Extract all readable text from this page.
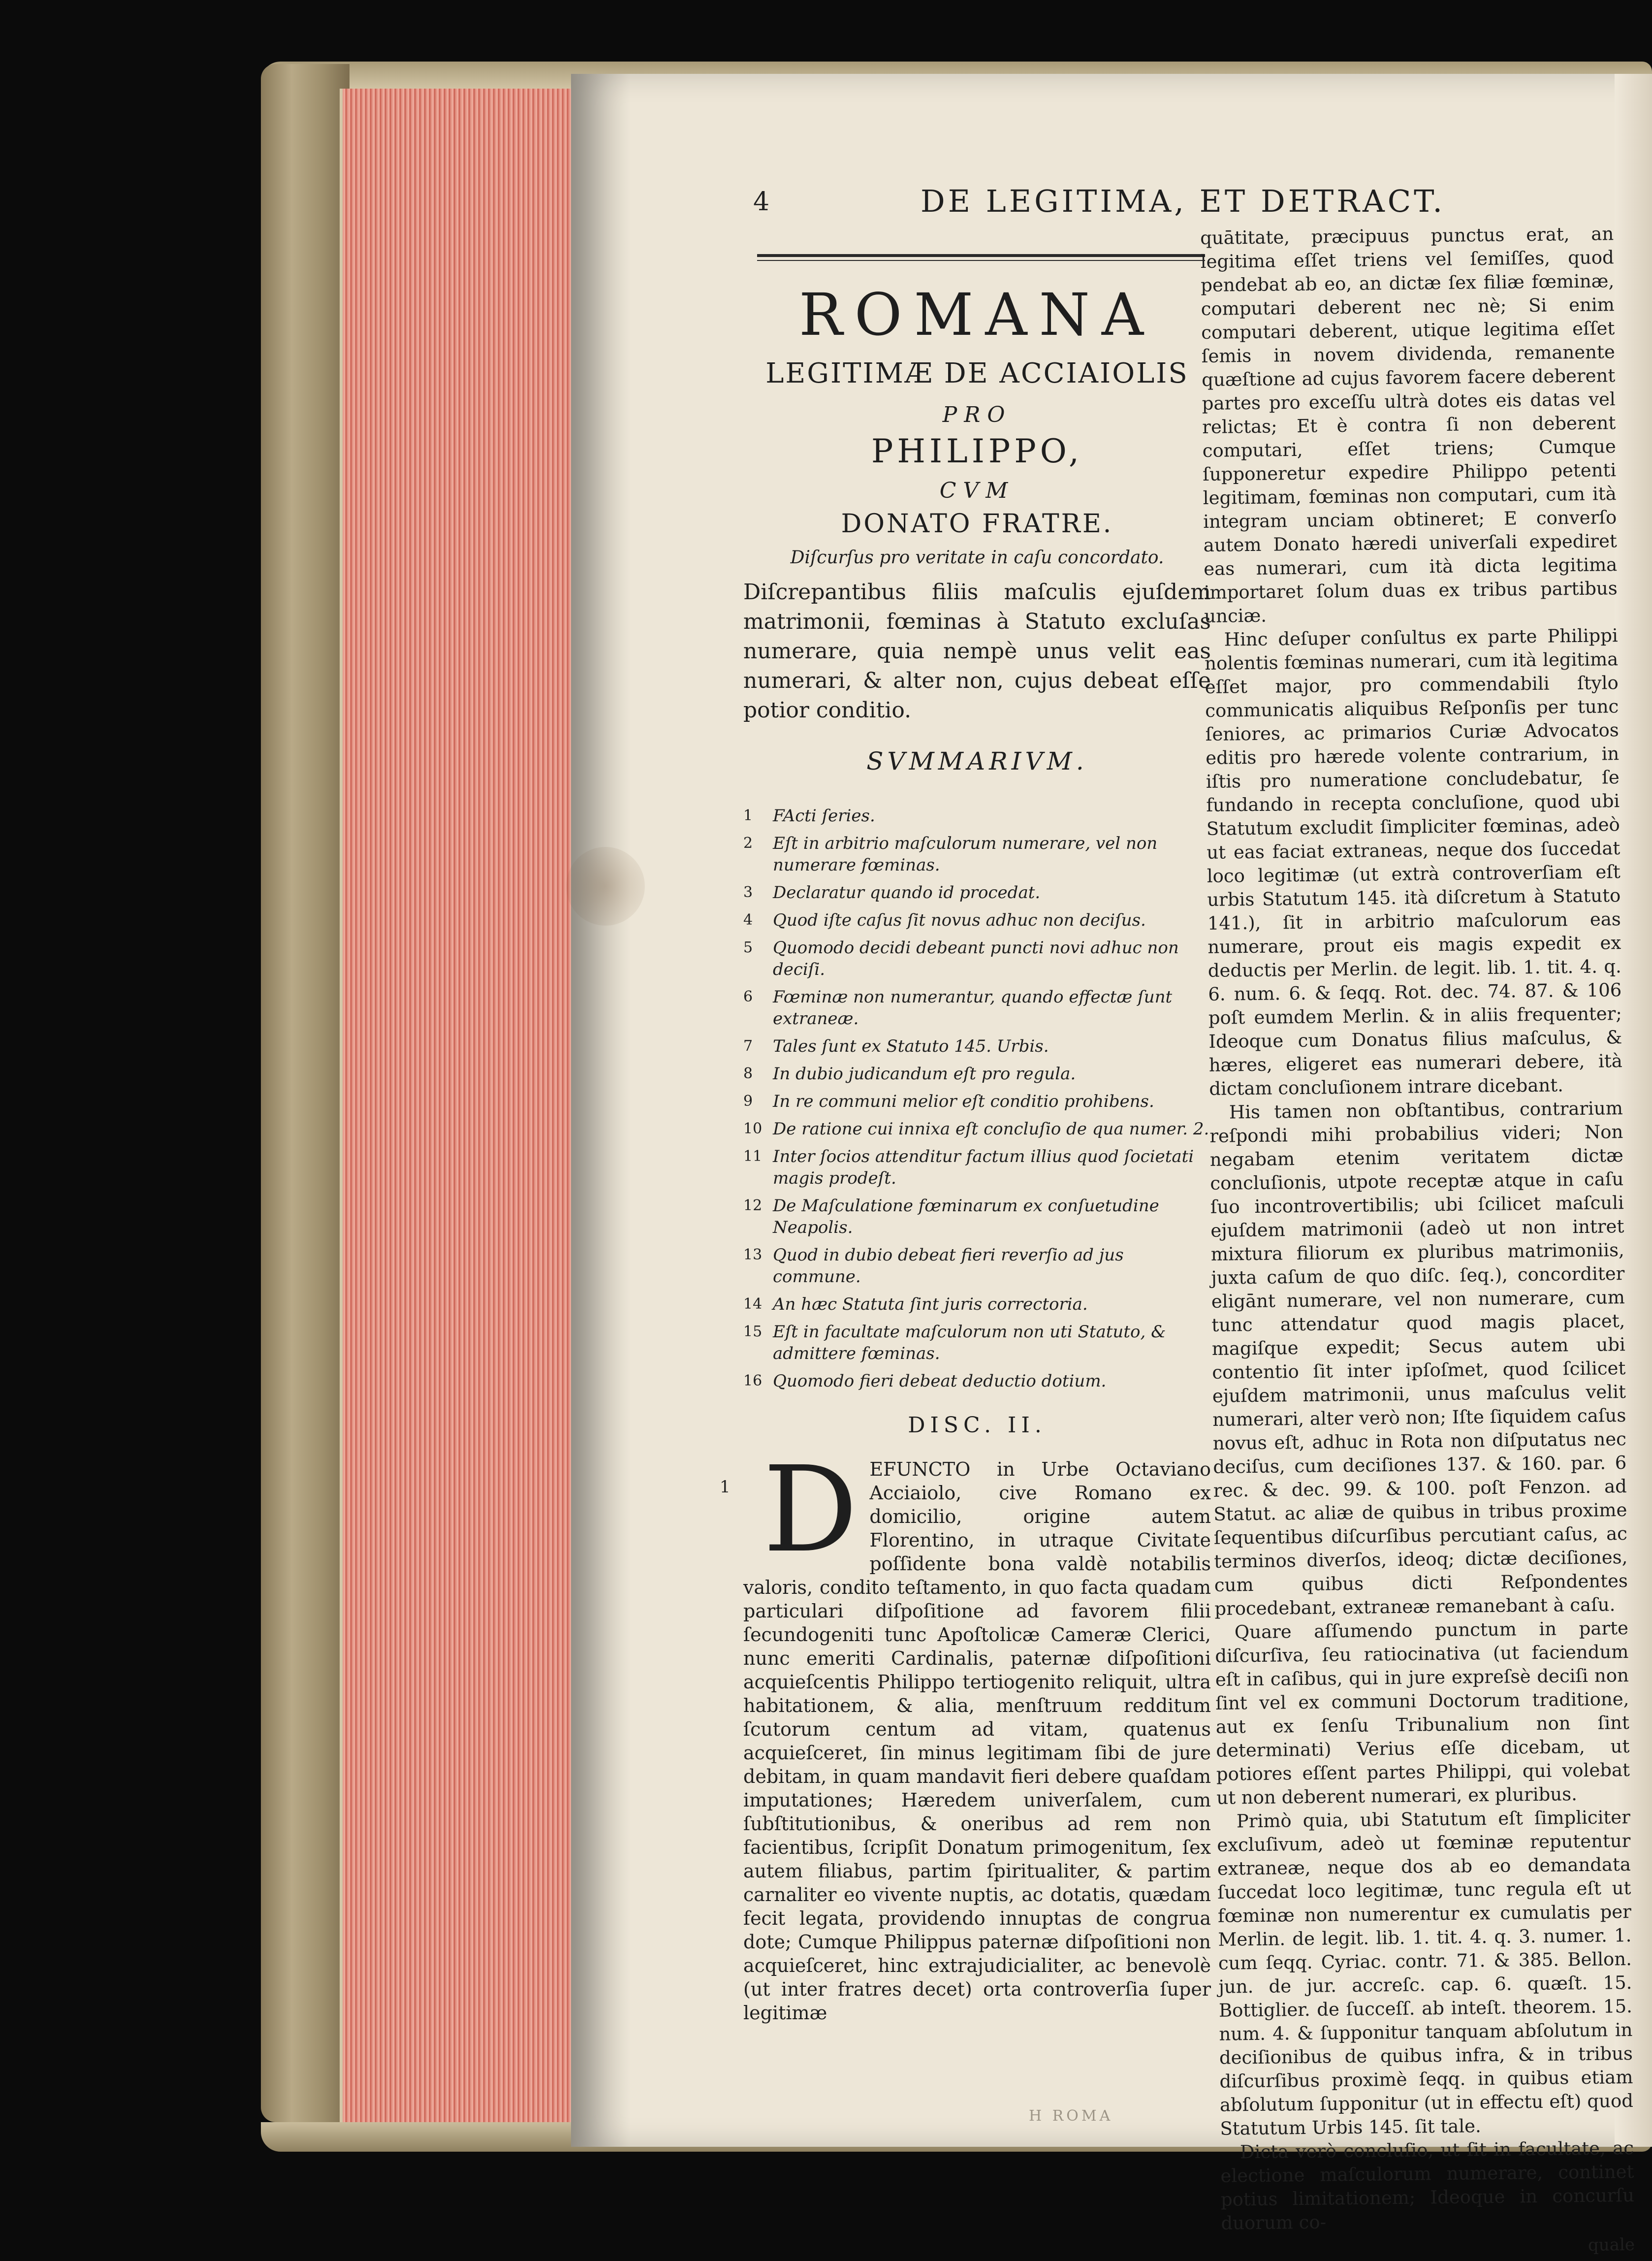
4	DE LEGITIMA, ET DETRACT.
ROMANA
LEGITIMÆ DE ACCIAIOLIS
PRO
PHILIPPO,
CVM
DONATO FRATRE.
Diſcurſus pro veritate in caſu concordato.
Diſcrepantibus filiis maſculis ejuſdem matrimonii, fœminas à Statuto excluſas numerare, quia nempè unus velit eas numerari, & alter non, cujus debeat eſſe potior conditio.
SVMMARIVM.
1 FActi ſeries.
2 Eſt in arbitrio maſculorum numerare, vel non numerare fœminas.
3 Declaratur quando id procedat.
4 Quod iſte caſus ſit novus adhuc non deciſus.
5 Quomodo decidi debeant puncti novi adhuc non deciſi.
6 Fœminæ non numerantur, quando effectæ ſunt extraneæ.
7 Tales ſunt ex Statuto 145. Urbis.
8 In dubio judicandum eſt pro regula.
9 In re communi melior eſt conditio prohibens.
10 De ratione cui innixa eſt concluſio de qua numer. 2.
11 Inter ſocios attenditur factum illius quod ſocietati magis prodeſt.
12 De Maſculatione fœminarum ex conſuetudine Neapolis.
13 Quod in dubio debeat fieri reverſio ad jus commune.
14 An hæc Statuta ſint juris correctoria.
15 Eſt in facultate maſculorum non uti Statuto, & admittere fœminas.
16 Quomodo fieri debeat deductio dotium.
DISC. II.
D EFUNCTO in Urbe Octaviano Acciaiolo, cive Romano ex domicilio, origine autem Florentino, in utraque Civitate poſſidente bona valdè notabilis valoris, condito teſtamento, in quo facta quadam particulari diſpoſitione ad favorem filii ſecundogeniti tunc Apoſtolicæ Cameræ Clerici, nunc emeriti Cardinalis, paternæ diſpoſitioni acquieſcentis Philippo tertiogenito reliquit, ultra habitationem, & alia, menſtruum redditum ſcutorum centum ad vitam, quatenus acquieſceret, ſin minus legitimam ſibi de jure debitam, in quam mandavit fieri debere quaſdam imputationes; Hæredem univerſalem, cum ſubſtitutionibus, & oneribus ad rem non facientibus, ſcripſit Donatum primogenitum, ſex autem filiabus, partim ſpiritualiter, & partim carnaliter eo vivente nuptis, ac dotatis, quædam fecit legata, providendo innuptas de congrua dote; Cumque Philippus paternæ diſpoſitioni non acquieſceret, hinc extrajudicialiter, ac benevolè (ut inter fratres decet) orta controverſia ſuper legitimæ
1

quātitate, præcipuus punctus erat, an legitima eſſet triens vel ſemiſſes, quod pendebat ab eo, an dictæ ſex filiæ fœminæ, computari deberent nec nè; Si enim computari deberent, utique legitima eſſet ſemis in novem dividenda, remanente quæſtione ad cujus favorem facere deberent partes pro exceſſu ultrà dotes eis datas vel relictas; Et è contra ſi non deberent computari, eſſet triens; Cumque ſupponeretur expedire Philippo petenti legitimam, fœminas non computari, cum ità integram unciam obtineret; E converſo autem Donato hæredi univerſali expediret eas numerari, cum ità dicta legitima importaret ſolum duas ex tribus partibus unciæ.

Hinc deſuper conſultus ex parte Philippi nolentis fœminas numerari, cum ità legitima eſſet major, pro commendabili ſtylo communicatis aliquibus Reſponſis per tunc ſeniores, ac primarios Curiæ Advocatos editis pro hærede volente contrarium, in iſtis pro numeratione concludebatur, ſe fundando in recepta concluſione, quod ubi Statutum excludit ſimpliciter fœminas, adeò ut eas faciat extraneas, neque dos ſuccedat loco legitimæ (ut extrà controverſiam eſt urbis Statutum 145. ità diſcretum à Statuto 141.), ſit in arbitrio maſculorum eas numerare, prout eis magis expedit ex deductis per Merlin. de legit. lib. 1. tit. 4. q. 6. num. 6. & ſeqq. Rot. dec. 74. 87. & 106 poſt eumdem Merlin. & in aliis frequenter; Ideoque cum Donatus filius maſculus, & hæres, eligeret eas numerari debere, ità dictam concluſionem intrare dicebant.

His tamen non obſtantibus, contrarium reſpondi mihi probabilius videri; Non negabam etenim veritatem dictæ concluſionis, utpote receptæ atque in caſu ſuo incontrovertibilis; ubi ſcilicet maſculi ejuſdem matrimonii (adeò ut non intret mixtura filiorum ex pluribus matrimoniis, juxta caſum de quo diſc. ſeq.), concorditer eligānt numerare, vel non numerare, cum tunc attendatur quod magis placet, magiſque expedit; Secus autem ubi contentio ſit inter ipſoſmet, quod ſcilicet ejuſdem matrimonii, unus maſculus velit numerari, alter verò non; Iſte ſiquidem caſus novus eſt, adhuc in Rota non diſputatus nec deciſus, cum deciſiones 137. & 160. par. 6 rec. & dec. 99. & 100. poſt Fenzon. ad Statut. ac aliæ de quibus in tribus proxime ſequentibus diſcurſibus percutiant caſus, ac terminos diverſos, ideoq; dictæ deciſiones, cum quibus dicti Reſpondentes procedebant, extraneæ remanebant à caſu.

Quare aſſumendo punctum in parte diſcurſiva, ſeu ratiocinativa (ut faciendum eſt in caſibus, qui in jure expreſsè deciſi non ſint vel ex communi Doctorum traditione, aut ex ſenſu Tribunalium non ſint determinati) Verius eſſe dicebam, ut potiores eſſent partes Philippi, qui volebat ut non deberent numerari, ex pluribus.

Primò quia, ubi Statutum eſt ſimpliciter excluſivum, adeò ut fœminæ reputentur extraneæ, neque dos ab eo demandata ſuccedat loco legitimæ, tunc regula eſt ut fœminæ non numerentur ex cumulatis per Merlin. de legit. lib. 1. tit. 4. q. 3. numer. 1. cum ſeqq. Cyriac. contr. 71. & 385. Bellon. jun. de jur. accreſc. cap. 6. quæſt. 15. Bottiglier. de ſucceſſ. ab inteſt. theorem. 15. num. 4. & ſupponitur tanquam abſolutum in deciſionibus de quibus infra, & in tribus diſcurſibus proximè ſeqq. in quibus etiam abſolutum ſupponitur (ut in effectu eſt) quod Statutum Urbis 145. ſit tale.

Dicta verò concluſio, ut ſit in facultate, ac electione maſculorum numerare, continet potius limitationem; Ideoque in concurſu duorum co-

quale
H ROMA
